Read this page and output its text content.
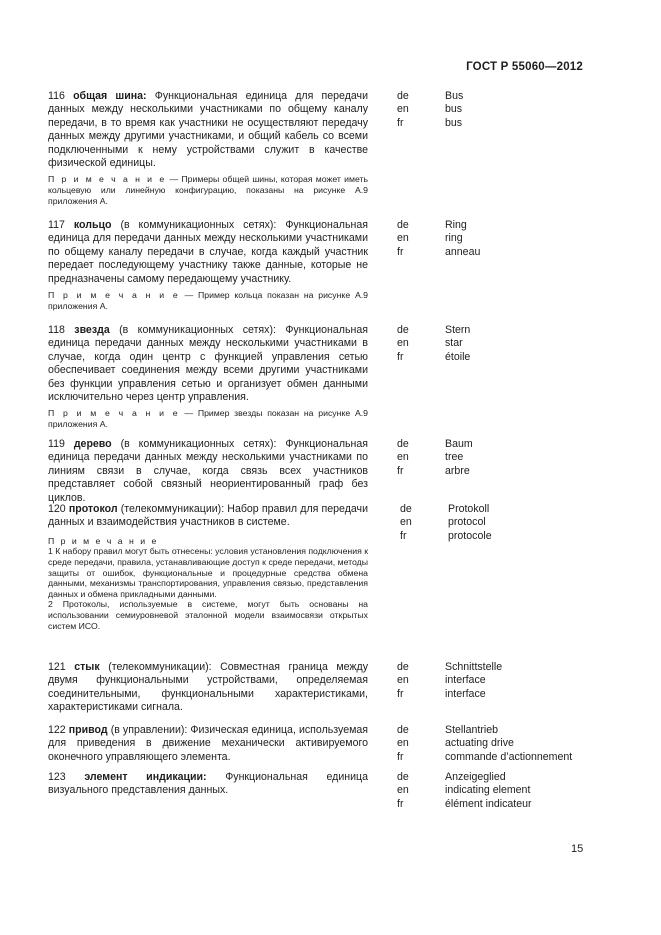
ГОСТ Р 55060—2012
116 общая шина: Функциональная единица для передачи данных между несколькими участниками по общему каналу передачи, в то время как участники не осуществляют передачу данных между другими участниками, и общий кабель со всеми подключенными к нему устройствами служит в качестве физической единицы.
П р и м е ч а н и е — Примеры общей шины, которая может иметь кольцевую или линейную конфигурацию, показаны на рисунке А.9 приложения А.
de	Bus
en	bus
fr	bus
117 кольцо (в коммуникационных сетях): Функциональная единица для передачи данных между несколькими участниками по общему каналу передачи в случае, когда каждый участник передает последующему участнику также данные, которые не предназначены самому передающему участнику.
П р и м е ч а н и е — Пример кольца показан на рисунке А.9 приложения А.
de	Ring
en	ring
fr	anneau
118 звезда (в коммуникационных сетях): Функциональная единица передачи данных между несколькими участниками в случае, когда один центр с функцией управления сетью обеспечивает соединения между всеми другими участниками без функции управления сетью и организует обмен данными исключительно через центр управления.
П р и м е ч а н и е — Пример звезды показан на рисунке А.9 приложения А.
de	Stern
en	star
fr	étoile
119 дерево (в коммуникационных сетях): Функциональная единица передачи данных между несколькими участниками по линиям связи в случае, когда связь всех участников представляет собой связный неориентированный граф без циклов.
de	Baum
en	tree
fr	arbre
120 протокол (телекоммуникации): Набор правил для передачи данных и взаимодействия участников в системе.
П р и м е ч а н и е
1 К набору правил могут быть отнесены: условия установления подключения к среде передачи, правила, устанавливающие доступ к среде передачи, методы защиты от ошибок, функциональные и процедурные средства обмена данными, механизмы транспортирования, управления связью, представления данных и обмена прикладными данными.
2 Протоколы, используемые в системе, могут быть основаны на использовании семиуровневой эталонной модели взаимосвязи открытых систем ИСО.
de	Protokoll
en	protocol
fr	protocole
121 стык (телекоммуникации): Совместная граница между двумя функциональными устройствами, определяемая соединительными, функциональными характеристиками, характеристиками сигнала.
de	Schnittstelle
en	interface
fr	interface
122 привод (в управлении): Физическая единица, используемая для приведения в движение механически активируемого оконечного управляющего элемента.
de	Stellantrieb
en	actuating drive
fr	commande d’actionnement
123 элемент индикации: Функциональная единица визуального представления данных.
de	Anzeigeglied
en	indicating element
fr	élément indicateur
15
